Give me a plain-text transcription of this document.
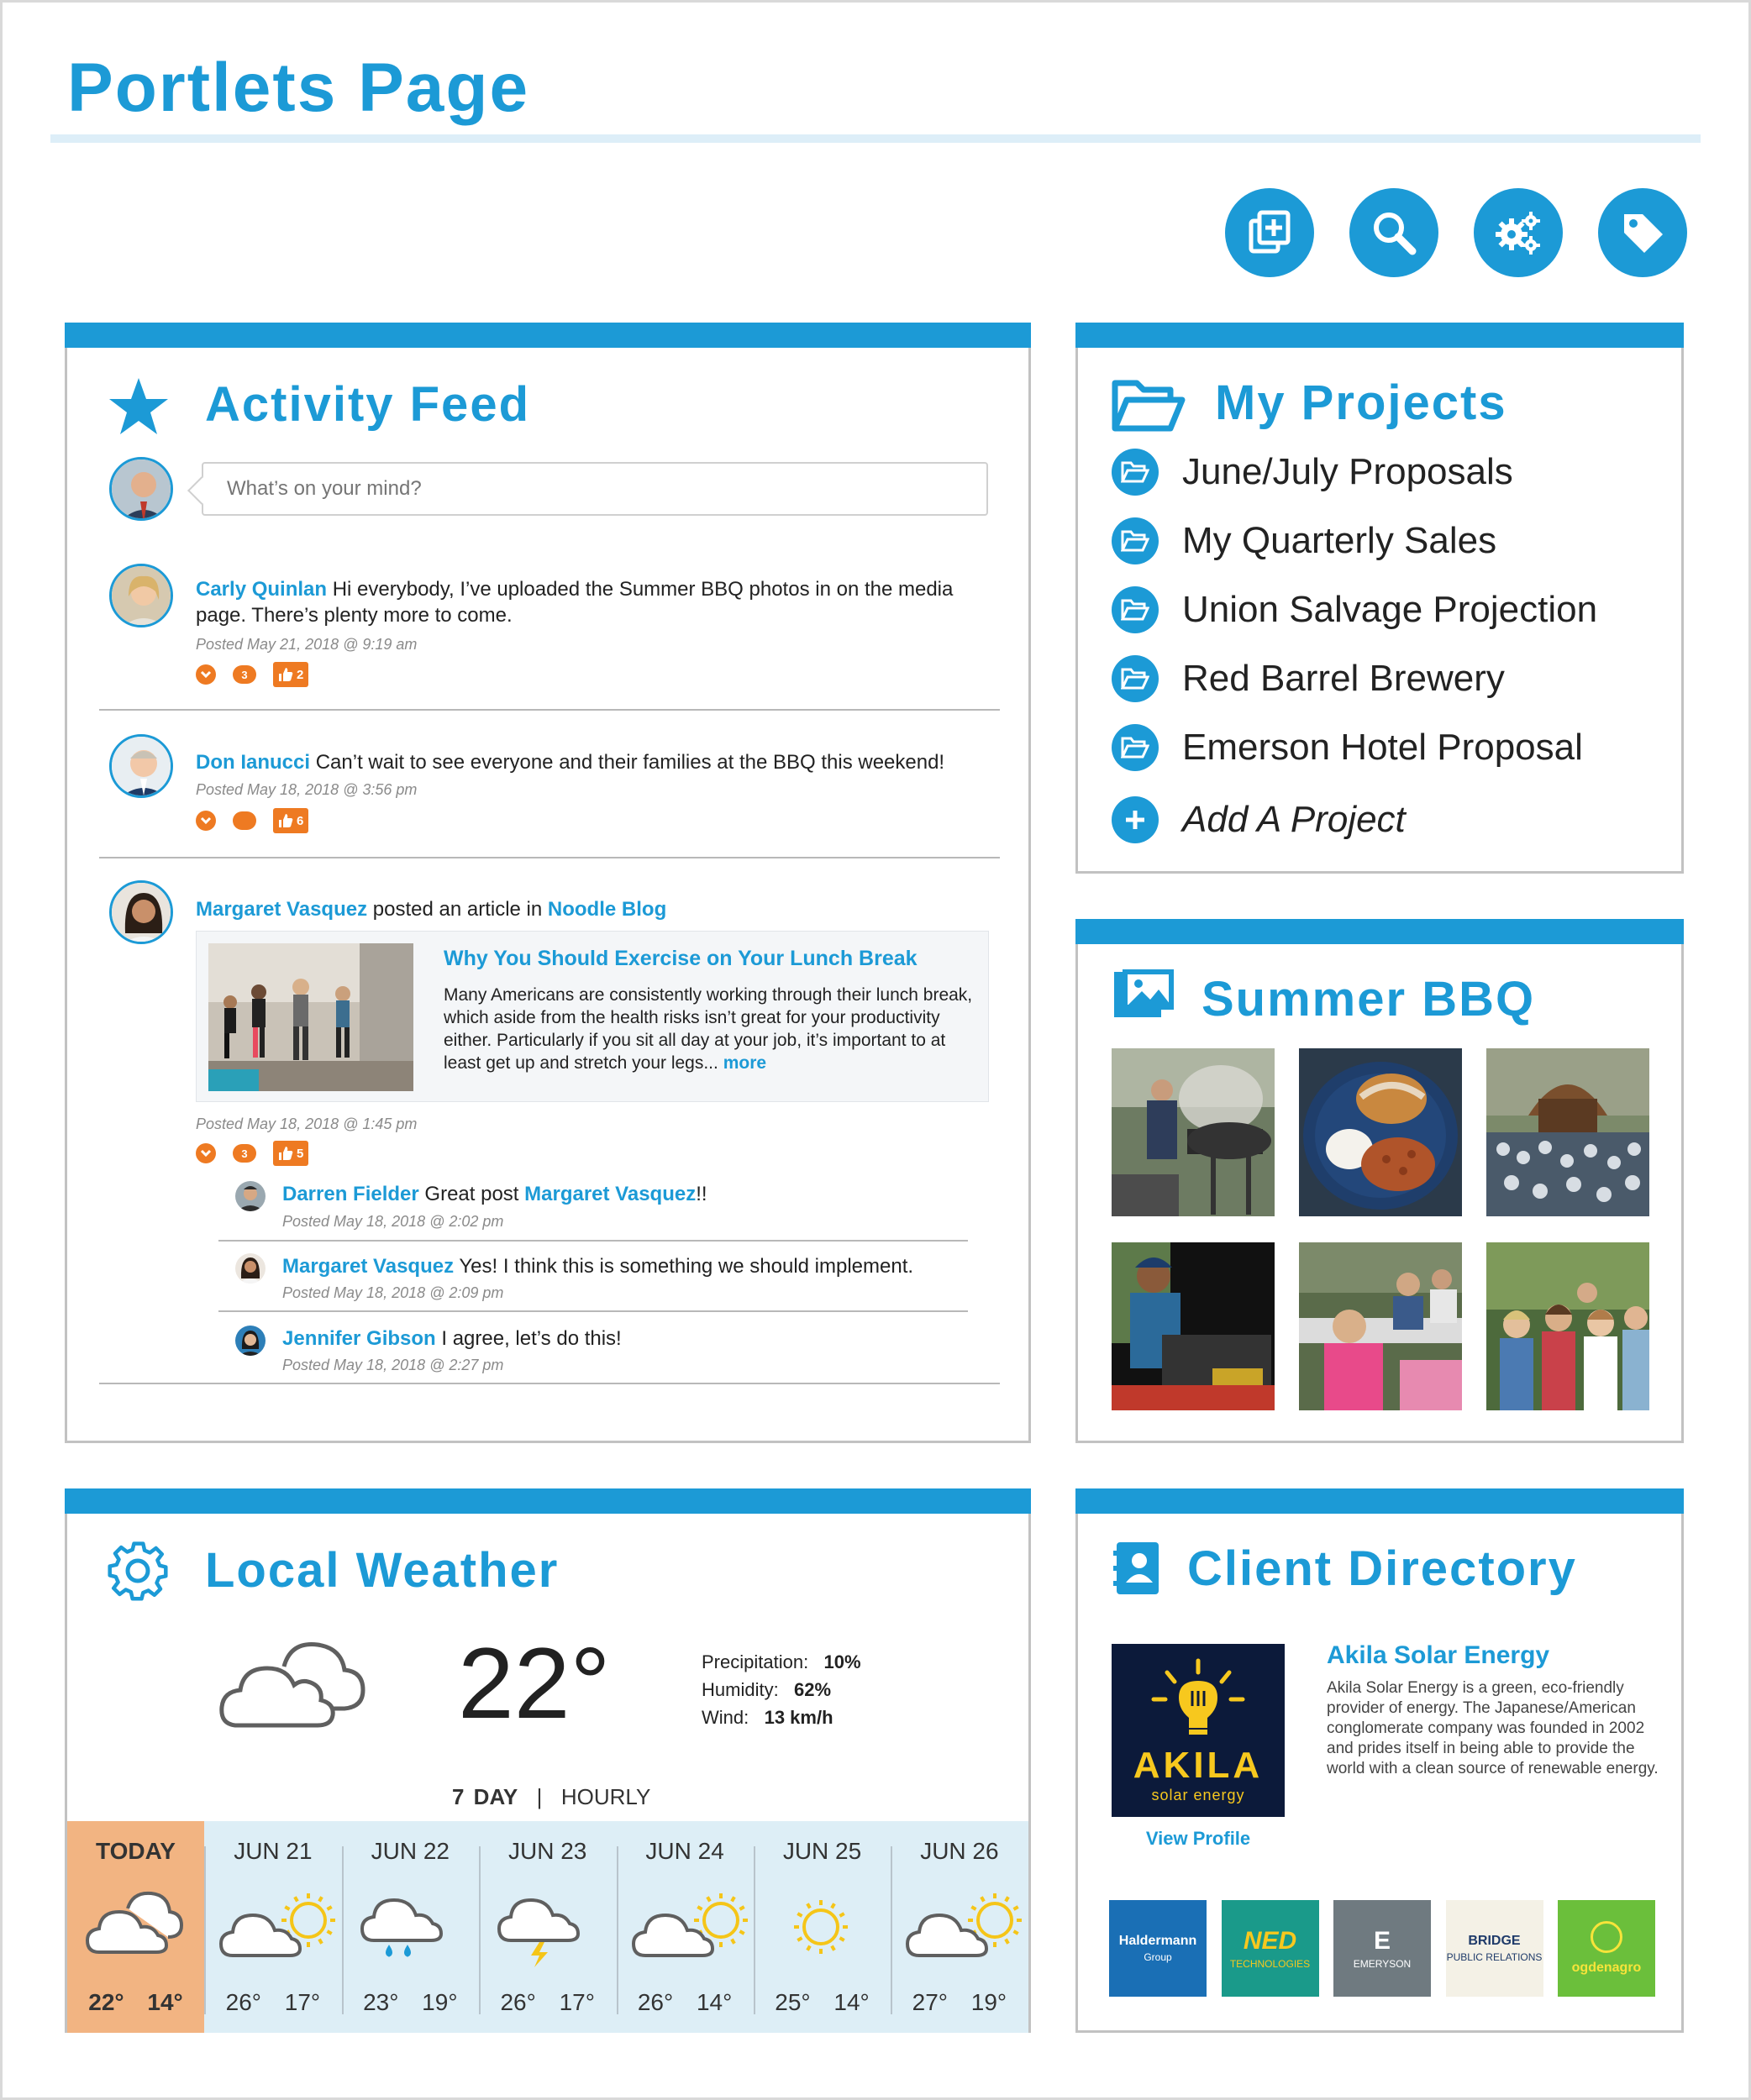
Portlets Page
Activity Feed
What’s on your mind?
Carly Quinlan Hi everybody, I’ve uploaded the Summer BBQ photos in on the media page. There’s plenty more to come.
Posted May 21, 2018 @ 9:19 am
3	2
Don Ianucci Can’t wait to see everyone and their families at the BBQ this weekend!
Posted May 18, 2018 @ 3:56 pm
6
Margaret Vasquez posted an article in Noodle Blog
Why You Should Exercise on Your Lunch Break
Many Americans are consistently working through their lunch break, which aside from the health risks isn’t great for your productivity either. Particularly if you sit all day at your job, it’s important to at least get up and stretch your legs... more
Posted May 18, 2018 @ 1:45 pm
3	5
Darren Fielder Great post Margaret Vasquez!!
Posted May 18, 2018 @ 2:02 pm
Margaret Vasquez Yes! I think this is something we should implement.
Posted May 18, 2018 @ 2:09 pm
Jennifer Gibson I agree, let’s do this!
Posted May 18, 2018 @ 2:27 pm
My Projects
June/July Proposals
My Quarterly Sales
Union Salvage Projection
Red Barrel Brewery
Emerson Hotel Proposal
Add A Project
Summer BBQ
Local Weather
22°	Precipitation: 10%
Humidity: 62%
Wind: 13 km/h
7 DAY | HOURLY
TODAY
22° 14°
JUN 21
26° 17°
JUN 22
23° 19°
JUN 23
26° 17°
JUN 24
26° 14°
JUN 25
25° 14°
JUN 26
27° 19°
Client Directory
AKILA
solar energy
View Profile
Akila Solar Energy
Akila Solar Energy is a green, eco-friendly provider of energy. The Japanese/American conglomerate company was founded in 2002 and prides itself in being able to provide the world with a clean source of renewable energy.
Haldermann
Group
NED
TECHNOLOGIES
E
EMERYSON
BRIDGE
PUBLIC RELATIONS
ogdenagro
